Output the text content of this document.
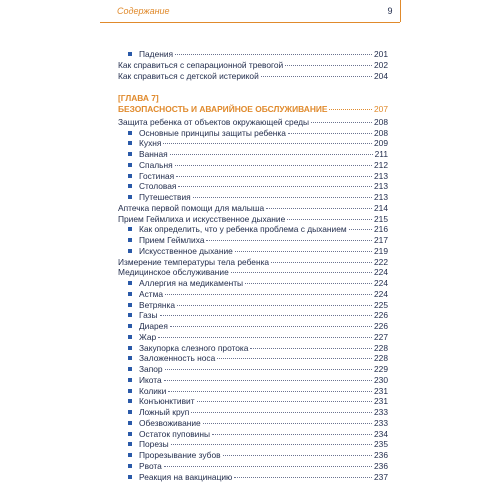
Содержание	9
Падения	201
Как справиться с сепарационной тревогой	202
Как справиться с детской истерикой	204
[ГЛАВА 7]
БЕЗОПАСНОСТЬ И АВАРИЙНОЕ ОБСЛУЖИВАНИЕ	207
Защита ребенка от объектов окружающей среды	208
Основные принципы защиты ребенка	208
Кухня	209
Ванная	211
Спальня	212
Гостиная	213
Столовая	213
Путешествия	213
Аптечка первой помощи для малыша	214
Прием Геймлиха и искусственное дыхание	215
Как определить, что у ребенка проблема с дыханием	216
Прием Геймлиха	217
Искусственное дыхание	219
Измерение температуры тела ребенка	222
Медицинское обслуживание	224
Аллергия на медикаменты	224
Астма	224
Ветрянка	225
Газы	226
Диарея	226
Жар	227
Закупорка слезного протока	228
Заложенность носа	228
Запор	229
Икота	230
Колики	231
Конъюнктивит	231
Ложный круп	233
Обезвоживание	233
Остаток пуповины	234
Порезы	235
Прорезывание зубов	236
Рвота	236
Реакция на вакцинацию	237
